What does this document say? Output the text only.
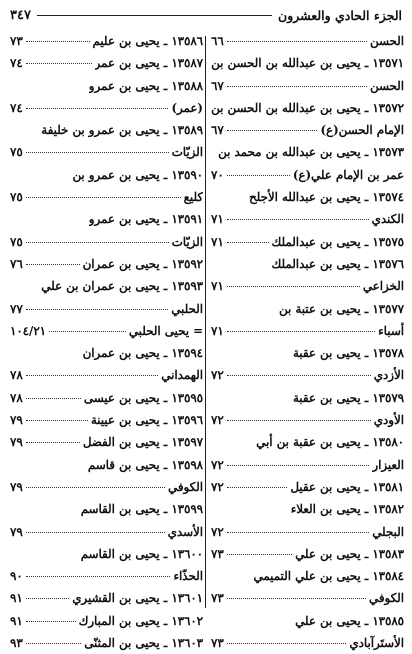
الجزء الحادي والعشرون
٣٤٧
الحسن
٦٦
١٣٥٧١ ـ يحيى بن عبدالله بن الحسن بن
الحسن
٦٧
١٣٥٧٢ ـ يحيى بن عبدالله بن الحسن بن
الإمام الحسن(ع)
٦٧
١٣٥٧٣ ـ يحيى بن عبدالله بن محمد بن
عمر بن الإمام علي(ع)
٧٠
١٣٥٧٤ ـ يحيى بن عبدالله الأجلح
الكندي
٧١
١٣٥٧٥ ـ يحيى بن عبدالملك
٧١
١٣٥٧٦ ـ يحيى بن عبدالملك
الخزاعي
٧١
١٣٥٧٧ ـ يحيى بن عتبة بن
أسباء
٧١
١٣٥٧٨ ـ يحيى بن عقبة
الأزدي
٧٢
١٣٥٧٩ ـ يحيى بن عقبة
الأودي
٧٢
١٣٥٨٠ ـ يحيى بن عقبة بن أبي
العيزار
٧٢
١٣٥٨١ ـ يحيى بن عقيل
٧٢
١٣٥٨٢ ـ يحيى بن العلاء
البجلي
٧٢
١٣٥٨٣ ـ يحيى بن علي
٧٣
١٣٥٨٤ ـ يحيى بن علي التميمي
الكوفي
٧٣
١٣٥٨٥ ـ يحيى بن علي
الأستَرآبادي
٧٣
١٣٥٨٦ ـ يحيى بن عليم
٧٣
١٣٥٨٧ ـ يحيى بن عمر
٧٤
١٣٥٨٨ ـ يحيى بن عمرو
(عمر)
٧٤
١٣٥٨٩ ـ يحيى بن عمرو بن خليفة
الزيّات
٧٥
١٣٥٩٠ ـ يحيى بن عمرو بن
كليع
٧٥
١٣٥٩١ ـ يحيى بن عمرو
الزيّات
٧٥
١٣٥٩٢ ـ يحيى بن عمران
٧٦
١٣٥٩٣ ـ يحيى بن عمران بن علي
الحلبي
٧٧
= يحيى الحلبي
١٠٤/٢١
١٣٥٩٤ ـ يحيى بن عمران
الهمداني
٧٨
١٣٥٩٥ ـ يحيى بن عيسى
٧٨
١٣٥٩٦ ـ يحيى بن عيينة
٧٩
١٣٥٩٧ ـ يحيى بن الفضل
٧٩
١٣٥٩٨ ـ يحيى بن قاسم
الكوفي
٧٩
١٣٥٩٩ ـ يحيى بن القاسم
الأسدي
٧٩
١٣٦٠٠ ـ يحيى بن القاسم
الحذّاء
٩٠
١٣٦٠١ ـ يحيى بن القشيري
٩١
١٣٦٠٢ ـ يحيى بن المبارك
٩١
١٣٦٠٣ ـ يحيى بن المثنّى
٩٣
